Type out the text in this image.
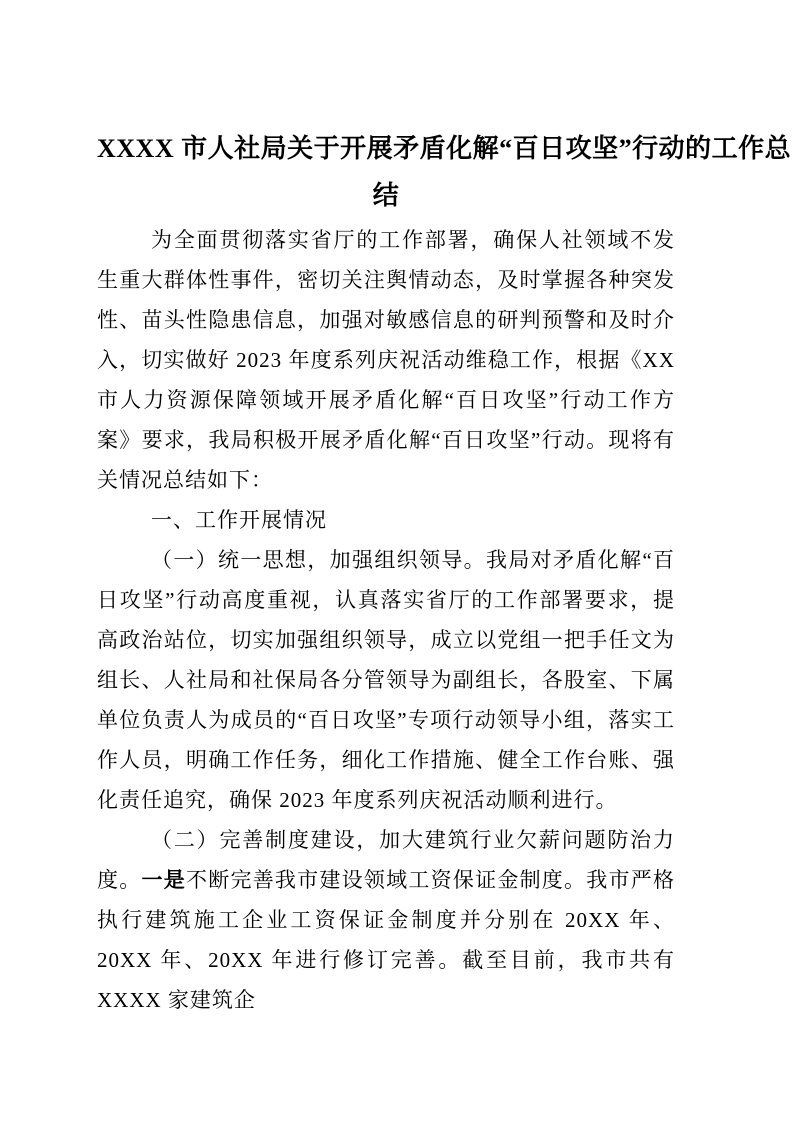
XXXX 市人社局关于开展矛盾化解“百日攻坚”行动的工作总
结

为全面贯彻落实省厅的工作部署，确保人社领域不发生重大群体性事件，密切关注舆情动态，及时掌握各种突发性、苗头性隐患信息，加强对敏感信息的研判预警和及时介入，切实做好 2023 年度系列庆祝活动维稳工作，根据《XX 市人力资源保障领域开展矛盾化解“百日攻坚”行动工作方案》要求，我局积极开展矛盾化解“百日攻坚”行动。现将有关情况总结如下：

一、工作开展情况

（一）统一思想，加强组织领导。我局对矛盾化解“百日攻坚”行动高度重视，认真落实省厅的工作部署要求，提高政治站位，切实加强组织领导，成立以党组一把手任文为组长、人社局和社保局各分管领导为副组长，各股室、下属单位负责人为成员的“百日攻坚”专项行动领导小组，落实工作人员，明确工作任务，细化工作措施、健全工作台账、强化责任追究，确保 2023 年度系列庆祝活动顺利进行。

（二）完善制度建设，加大建筑行业欠薪问题防治力度。一是不断完善我市建设领域工资保证金制度。我市严格执行建筑施工企业工资保证金制度并分别在 20XX 年、20XX 年、20XX 年进行修订完善。截至目前，我市共有 XXXX 家建筑企
